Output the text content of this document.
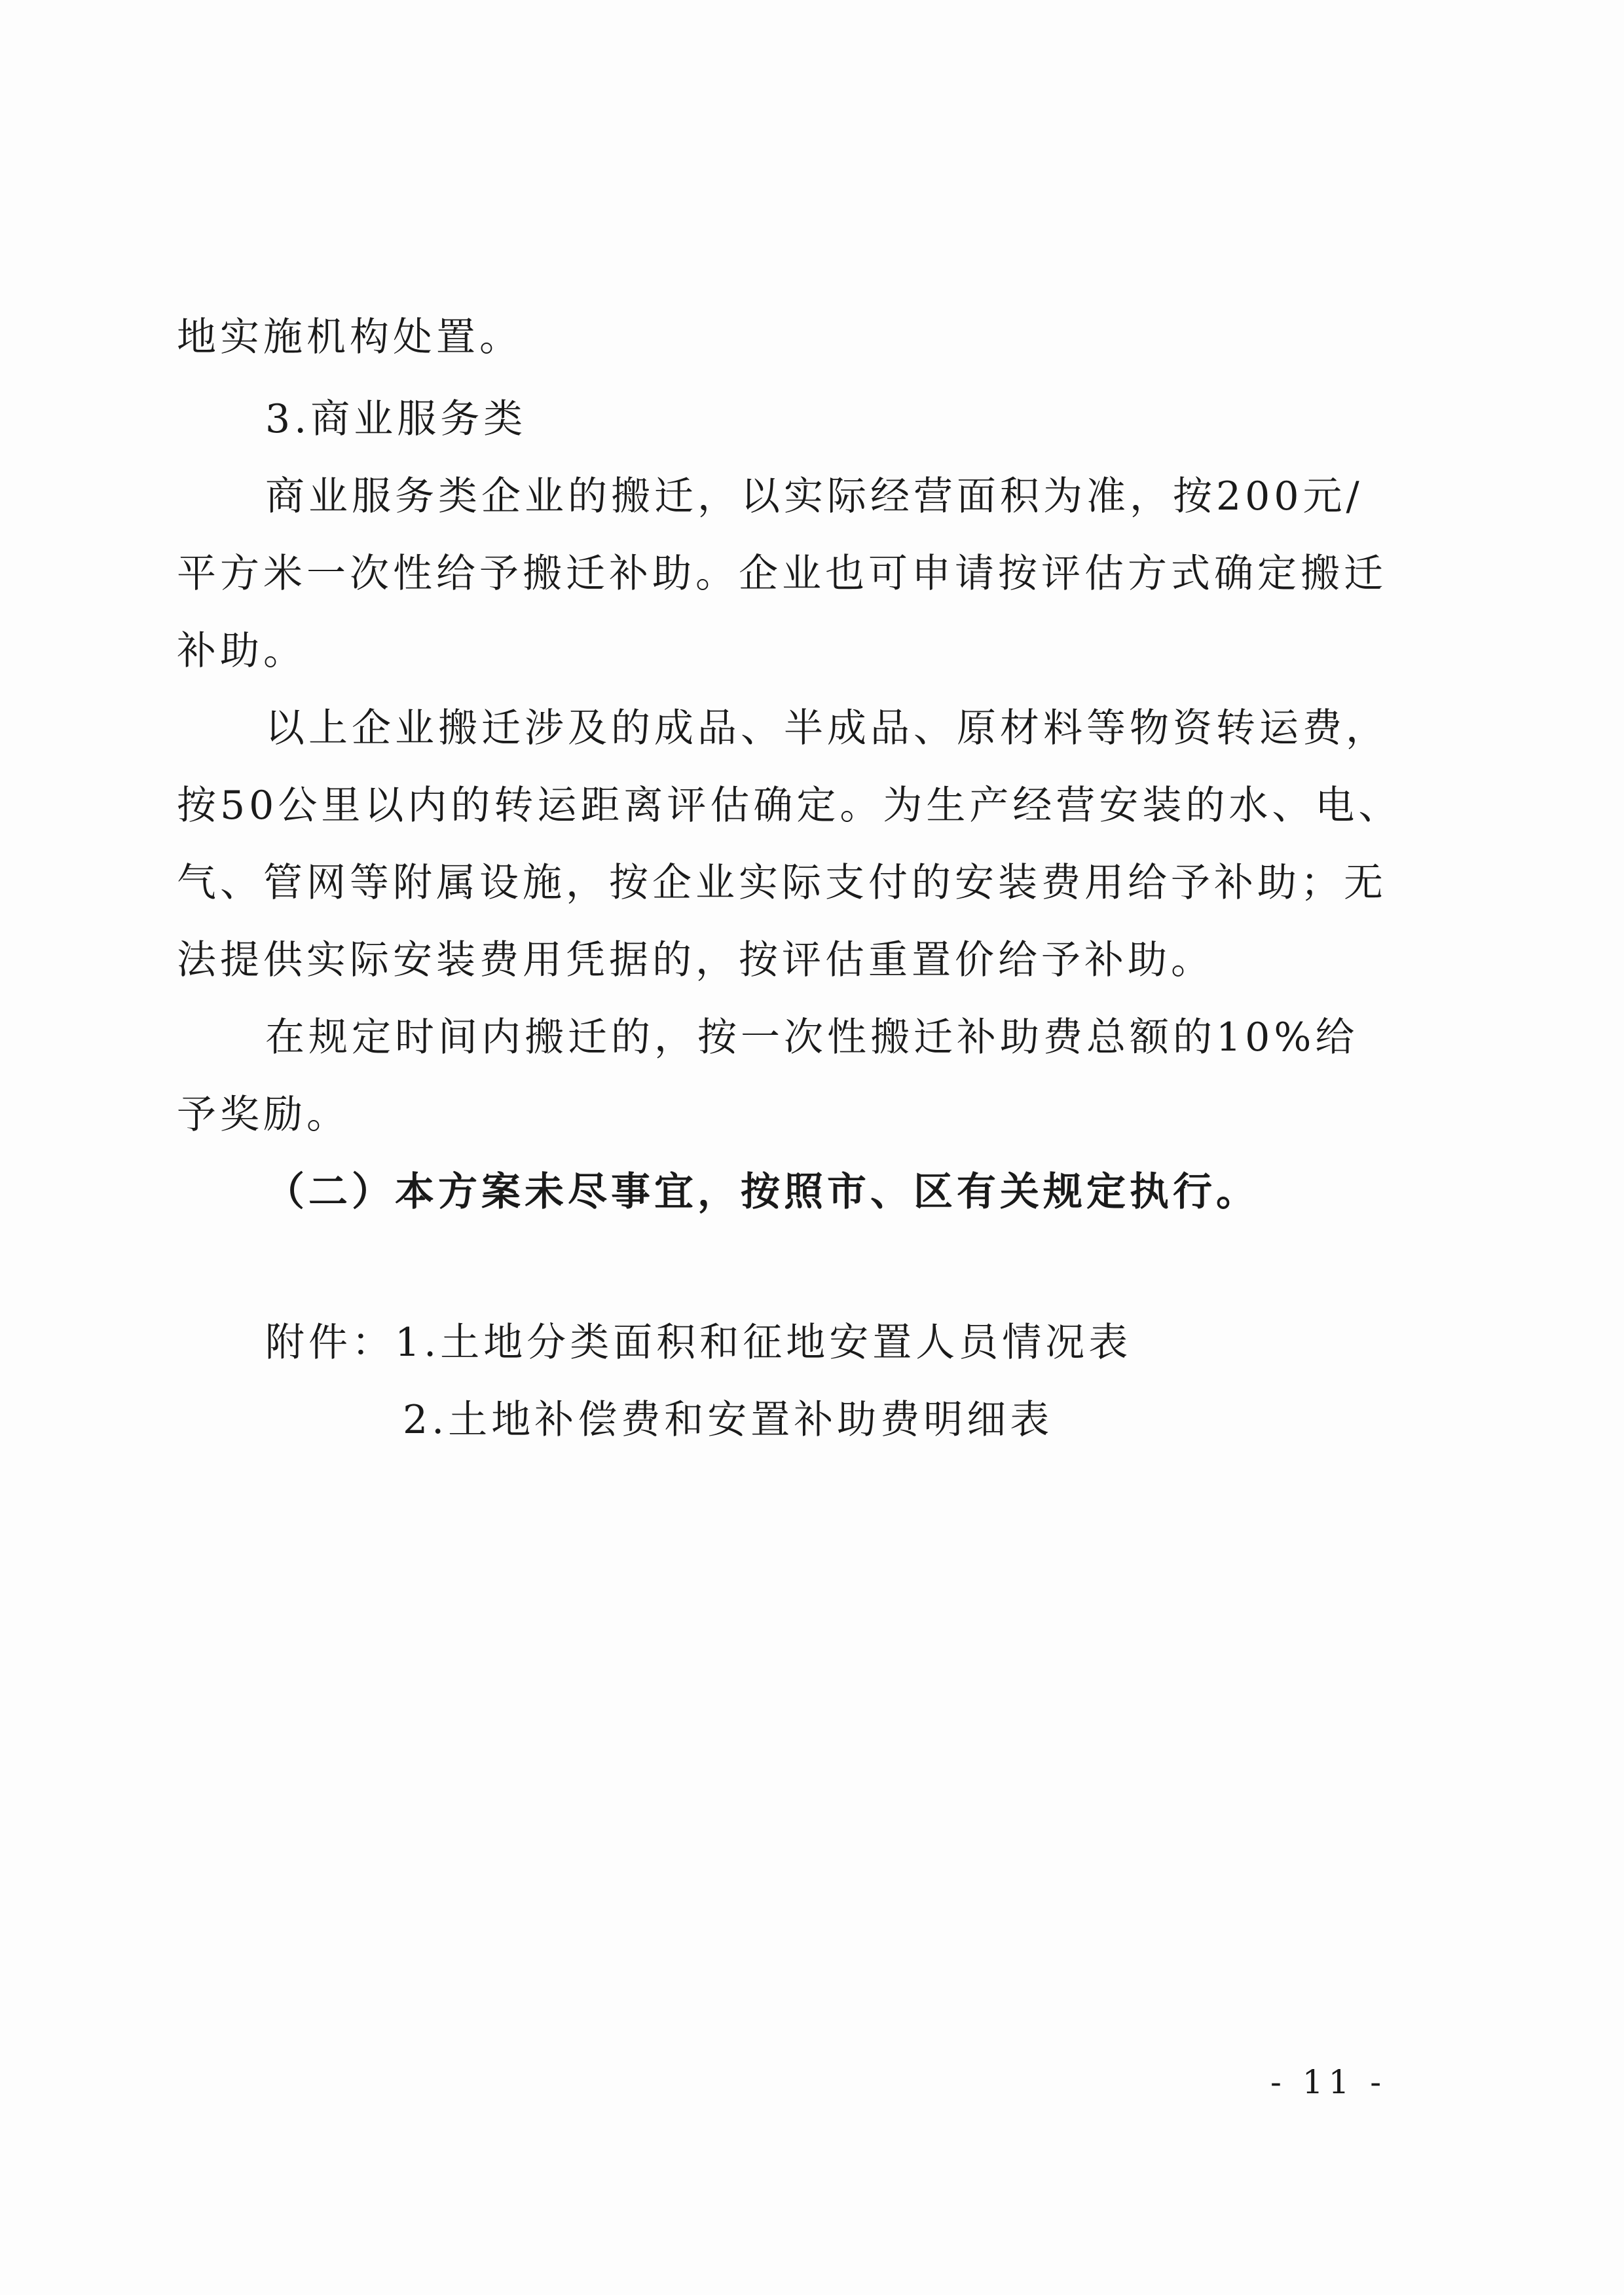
地实施机构处置。
3.商业服务类
商业服务类企业的搬迁，以实际经营面积为准，按200元/
平方米一次性给予搬迁补助。企业也可申请按评估方式确定搬迁
补助。
以上企业搬迁涉及的成品、半成品、原材料等物资转运费，
按50公里以内的转运距离评估确定。为生产经营安装的水、电、
气、管网等附属设施，按企业实际支付的安装费用给予补助；无
法提供实际安装费用凭据的，按评估重置价给予补助。
在规定时间内搬迁的，按一次性搬迁补助费总额的10%给
予奖励。
（二）本方案未尽事宜，按照市、区有关规定执行。
附件：1.土地分类面积和征地安置人员情况表
2.土地补偿费和安置补助费明细表
- 11 -
